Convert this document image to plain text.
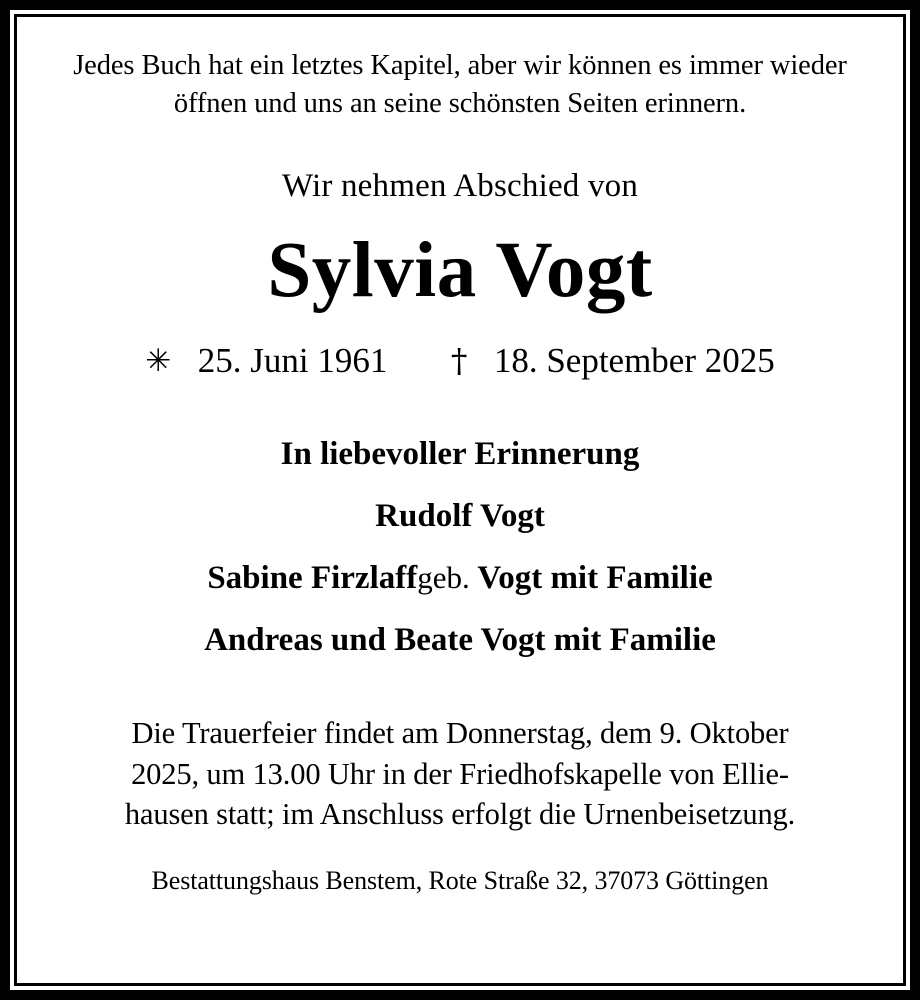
Jedes Buch hat ein letztes Kapitel, aber wir können es immer wieder
öffnen und uns an seine schönsten Seiten erinnern.
Wir nehmen Abschied von
Sylvia Vogt
✳ 25. Juni 1961 † 18. September 2025
In liebevoller Erinnerung
Rudolf Vogt
Sabine Firzlaffgeb. Vogt mit Familie
Andreas und Beate Vogt mit Familie
Die Trauerfeier findet am Donnerstag, dem 9. Oktober
2025, um 13.00 Uhr in der Friedhofskapelle von Ellie-
hausen statt; im Anschluss erfolgt die Urnenbeisetzung.
Bestattungshaus Benstem, Rote Straße 32, 37073 Göttingen
